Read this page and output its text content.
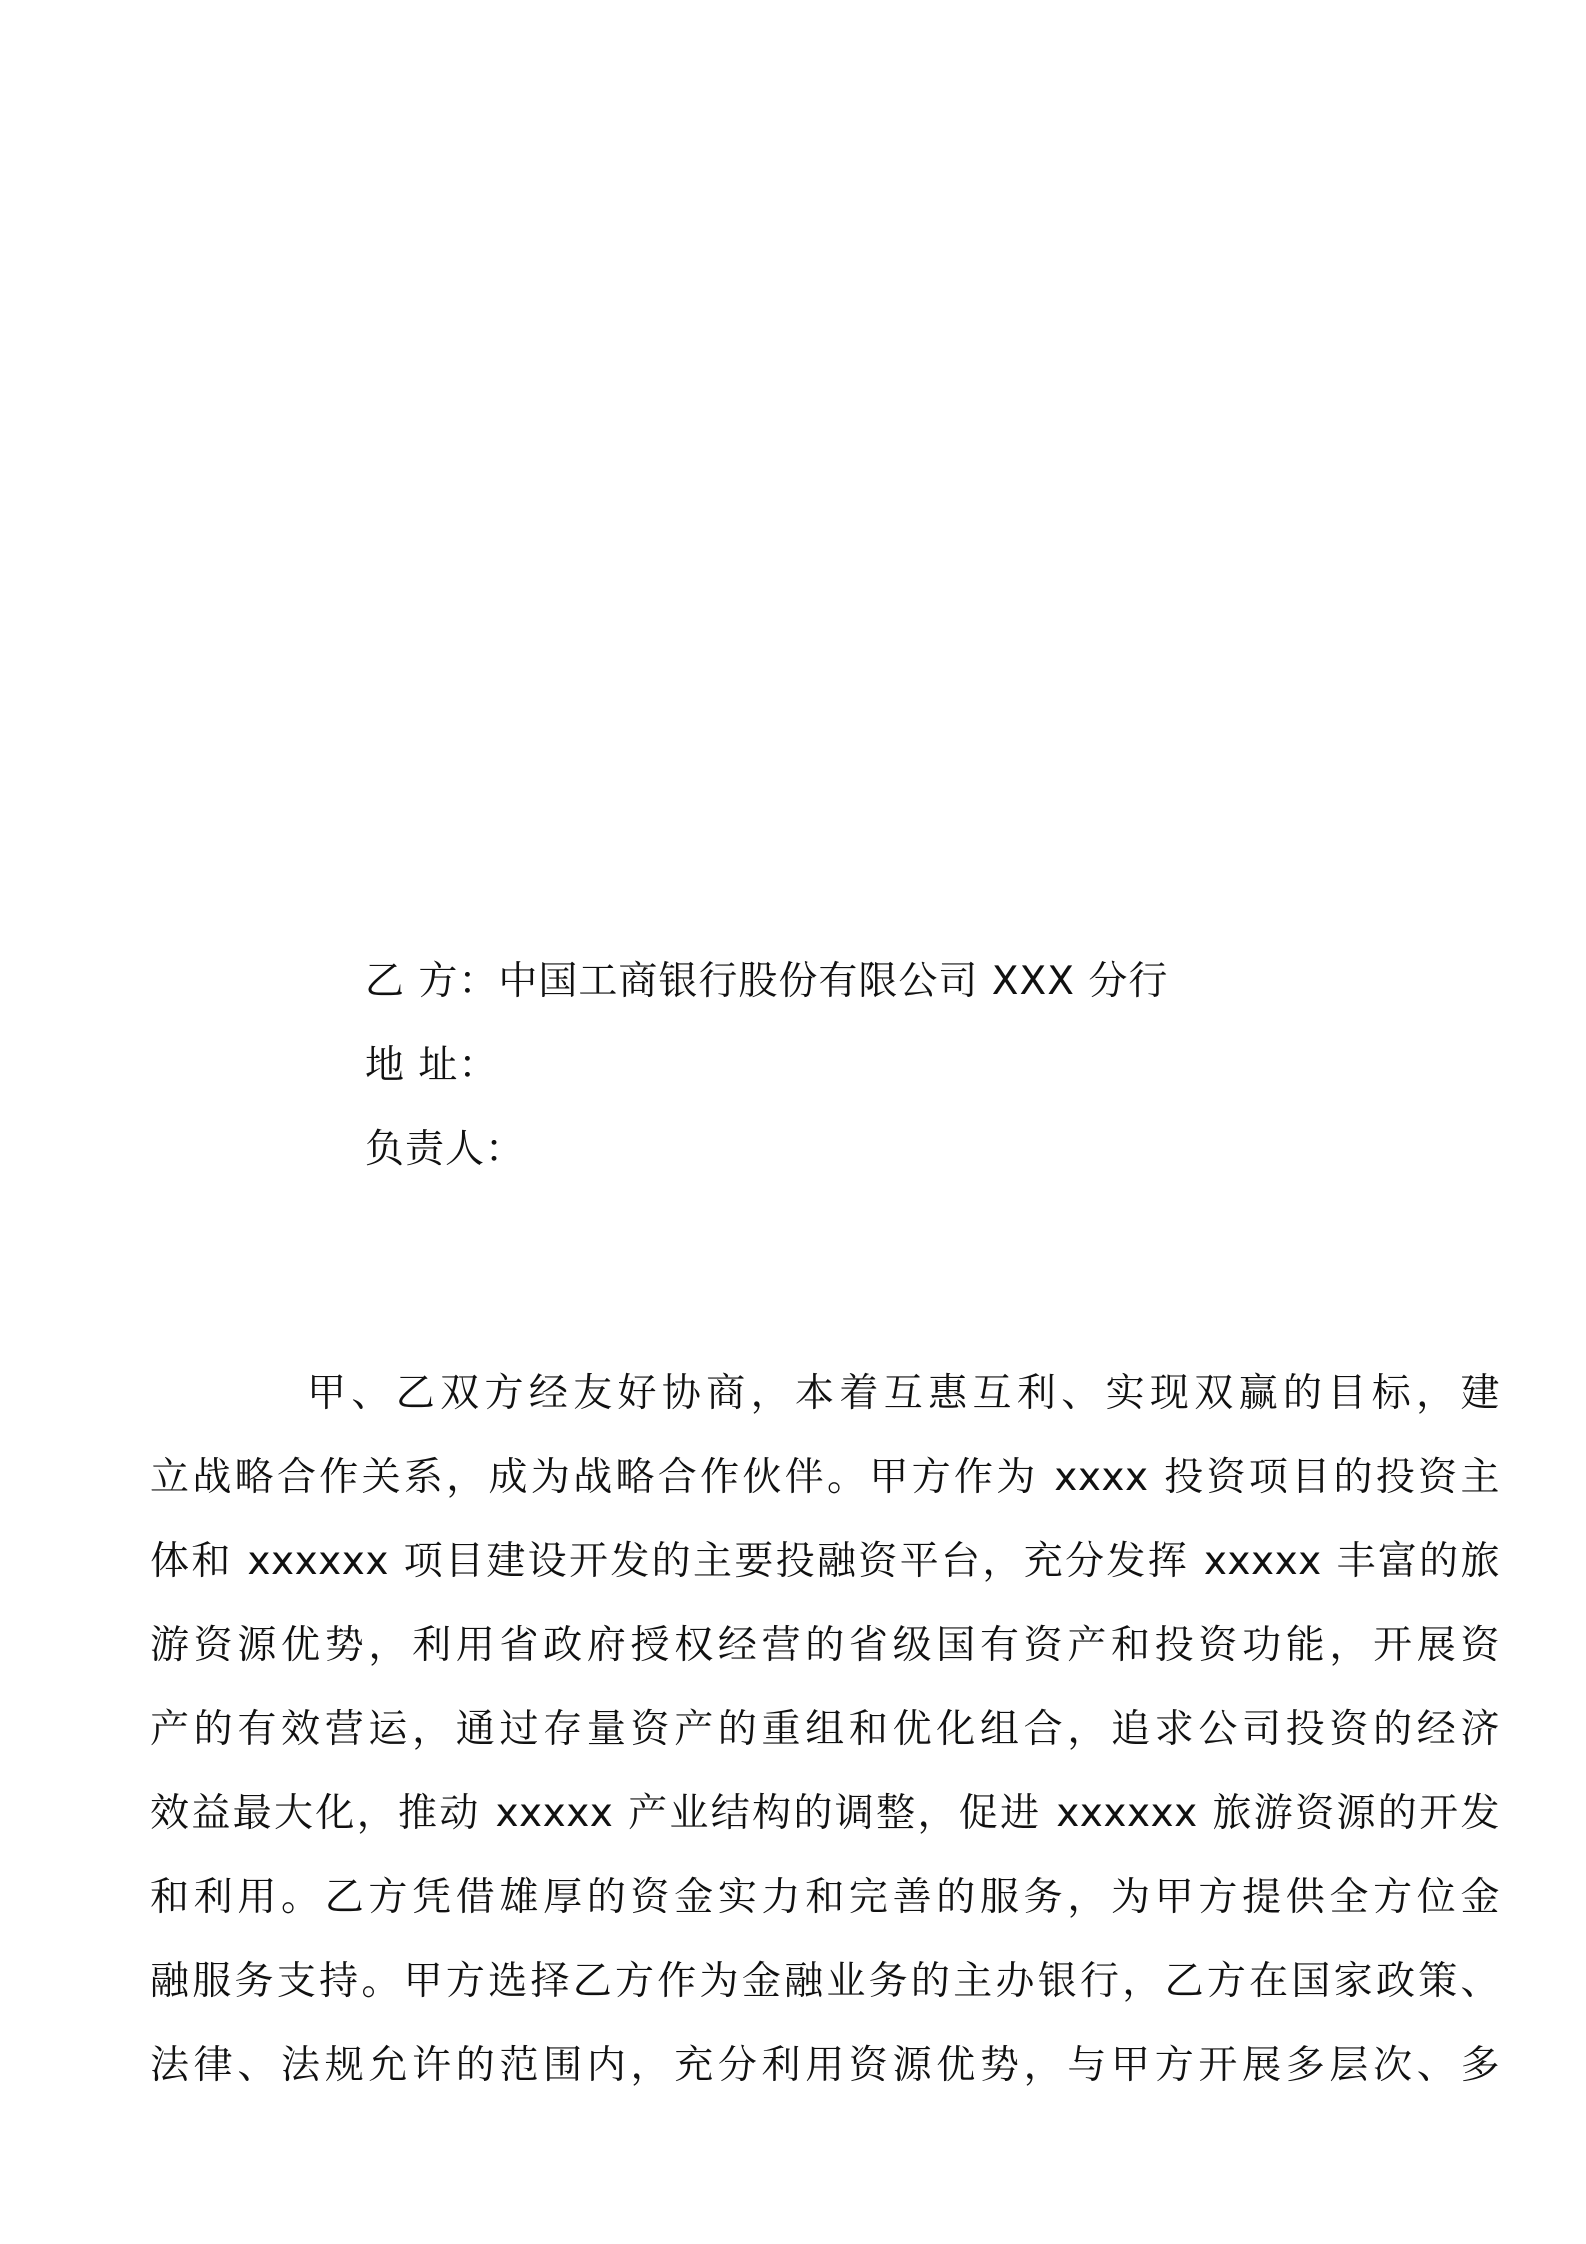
乙 方：中国工商银行股份有限公司 XXX 分行
地 址：
负责人：
甲、乙双方经友好协商，本着互惠互利、实现双赢的目标，建
立战略合作关系，成为战略合作伙伴。甲方作为 xxxx 投资项目的投资主
体和 xxxxxx 项目建设开发的主要投融资平台，充分发挥 xxxxx 丰富的旅
游资源优势，利用省政府授权经营的省级国有资产和投资功能，开展资
产的有效营运，通过存量资产的重组和优化组合，追求公司投资的经济
效益最大化，推动 xxxxx 产业结构的调整，促进 xxxxxx 旅游资源的开发
和利用。乙方凭借雄厚的资金实力和完善的服务，为甲方提供全方位金
融服务支持。甲方选择乙方作为金融业务的主办银行，乙方在国家政策、
法律、法规允许的范围内，充分利用资源优势，与甲方开展多层次、多
